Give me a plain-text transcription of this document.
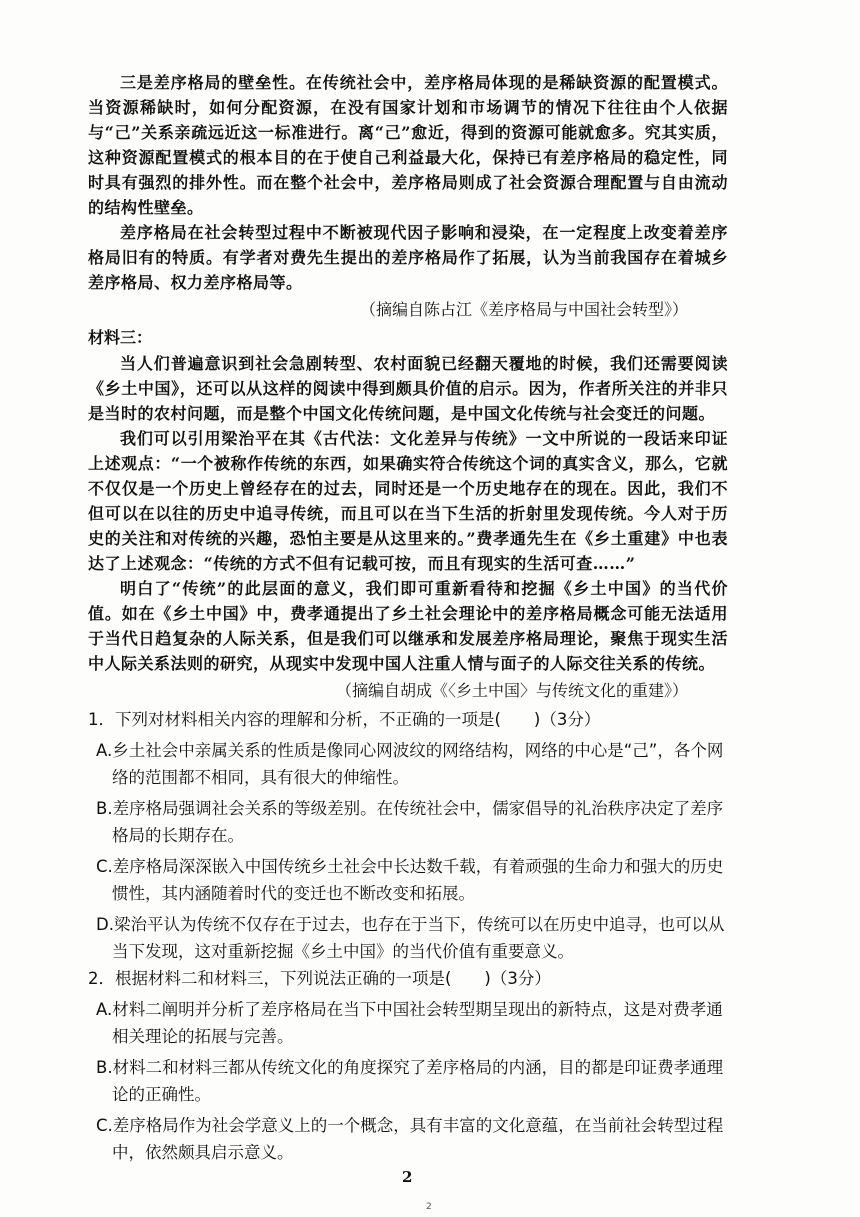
三是差序格局的壁垒性。在传统社会中，差序格局体现的是稀缺资源的配置模式。当资源稀缺时，如何分配资源，在没有国家计划和市场调节的情况下往往由个人依据与“己”关系亲疏远近这一标准进行。离“己”愈近，得到的资源可能就愈多。究其实质，这种资源配置模式的根本目的在于使自己利益最大化，保持已有差序格局的稳定性，同时具有强烈的排外性。而在整个社会中，差序格局则成了社会资源合理配置与自由流动的结构性壁垒。

差序格局在社会转型过程中不断被现代因子影响和浸染，在一定程度上改变着差序格局旧有的特质。有学者对费先生提出的差序格局作了拓展，认为当前我国存在着城乡差序格局、权力差序格局等。

（摘编自陈占江《差序格局与中国社会转型》）

材料三：

当人们普遍意识到社会急剧转型、农村面貌已经翻天覆地的时候，我们还需要阅读《乡土中国》，还可以从这样的阅读中得到颇具价值的启示。因为，作者所关注的并非只是当时的农村问题，而是整个中国文化传统问题，是中国文化传统与社会变迁的问题。

我们可以引用梁治平在其《古代法：文化差异与传统》一文中所说的一段话来印证上述观点：“一个被称作传统的东西，如果确实符合传统这个词的真实含义，那么，它就不仅仅是一个历史上曾经存在的过去，同时还是一个历史地存在的现在。因此，我们不但可以在以往的历史中追寻传统，而且可以在当下生活的折射里发现传统。今人对于历史的关注和对传统的兴趣，恐怕主要是从这里来的。”费孝通先生在《乡土重建》中也表达了上述观念：“传统的方式不但有记载可按，而且有现实的生活可查……”

明白了“传统”的此层面的意义，我们即可重新看待和挖掘《乡土中国》的当代价值。如在《乡土中国》中，费孝通提出了乡土社会理论中的差序格局概念可能无法适用于当代日趋复杂的人际关系，但是我们可以继承和发展差序格局理论，聚焦于现实生活中人际关系法则的研究，从现实中发现中国人注重人情与面子的人际交往关系的传统。

（摘编自胡成《〈乡土中国〉与传统文化的重建》）

1．下列对材料相关内容的理解和分析，不正确的一项是(　　)（3分）

A.乡土社会中亲属关系的性质是像同心网波纹的网络结构，网络的中心是“己”，各个网络的范围都不相同，具有很大的伸缩性。

B.差序格局强调社会关系的等级差别。在传统社会中，儒家倡导的礼治秩序决定了差序格局的长期存在。

C.差序格局深深嵌入中国传统乡土社会中长达数千载，有着顽强的生命力和强大的历史惯性，其内涵随着时代的变迁也不断改变和拓展。

D.梁治平认为传统不仅存在于过去，也存在于当下，传统可以在历史中追寻，也可以从当下发现，这对重新挖掘《乡土中国》的当代价值有重要意义。

2．根据材料二和材料三，下列说法正确的一项是(　　)（3分）

A.材料二阐明并分析了差序格局在当下中国社会转型期呈现出的新特点，这是对费孝通相关理论的拓展与完善。

B.材料二和材料三都从传统文化的角度探究了差序格局的内涵，目的都是印证费孝通理论的正确性。

C.差序格局作为社会学意义上的一个概念，具有丰富的文化意蕴，在当前社会转型过程中，依然颇具启示意义。

2
2
